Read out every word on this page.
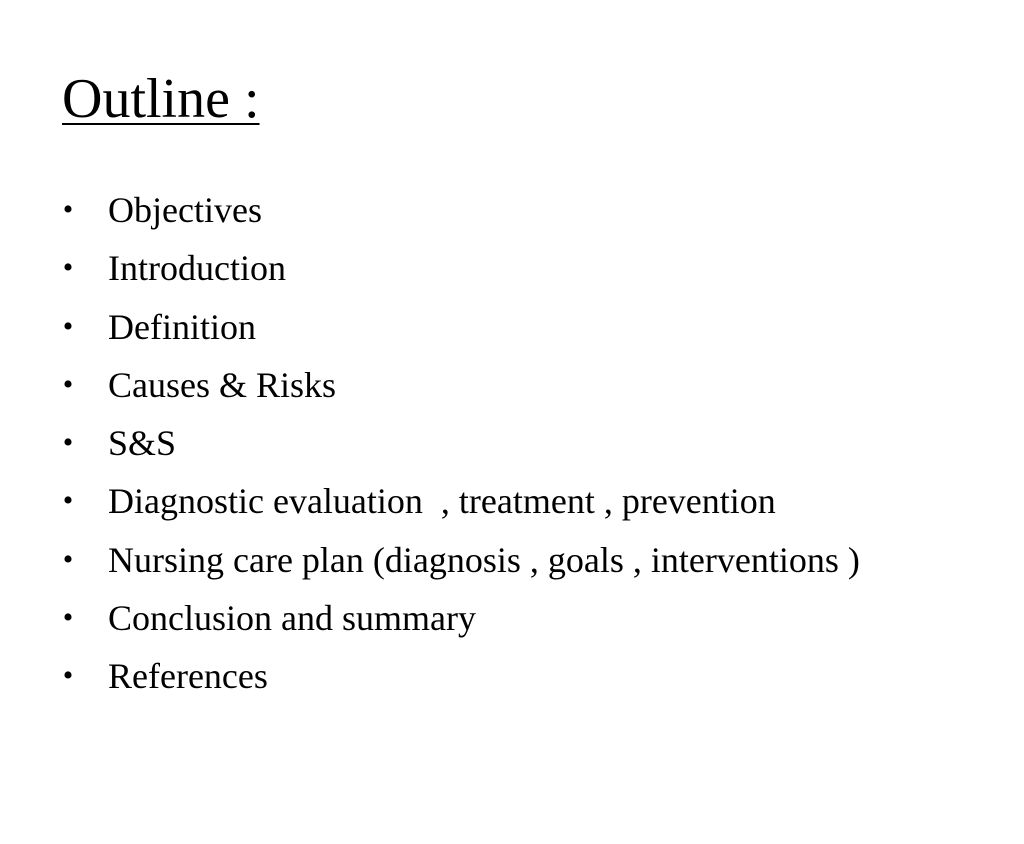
Outline :

•

Objectives

•

Introduction

•

Definition

•

Causes & Risks

•

S&S

•

Diagnostic evaluation  , treatment , prevention

•

Nursing care plan (diagnosis , goals , interventions )

•

Conclusion and summary

•

References
